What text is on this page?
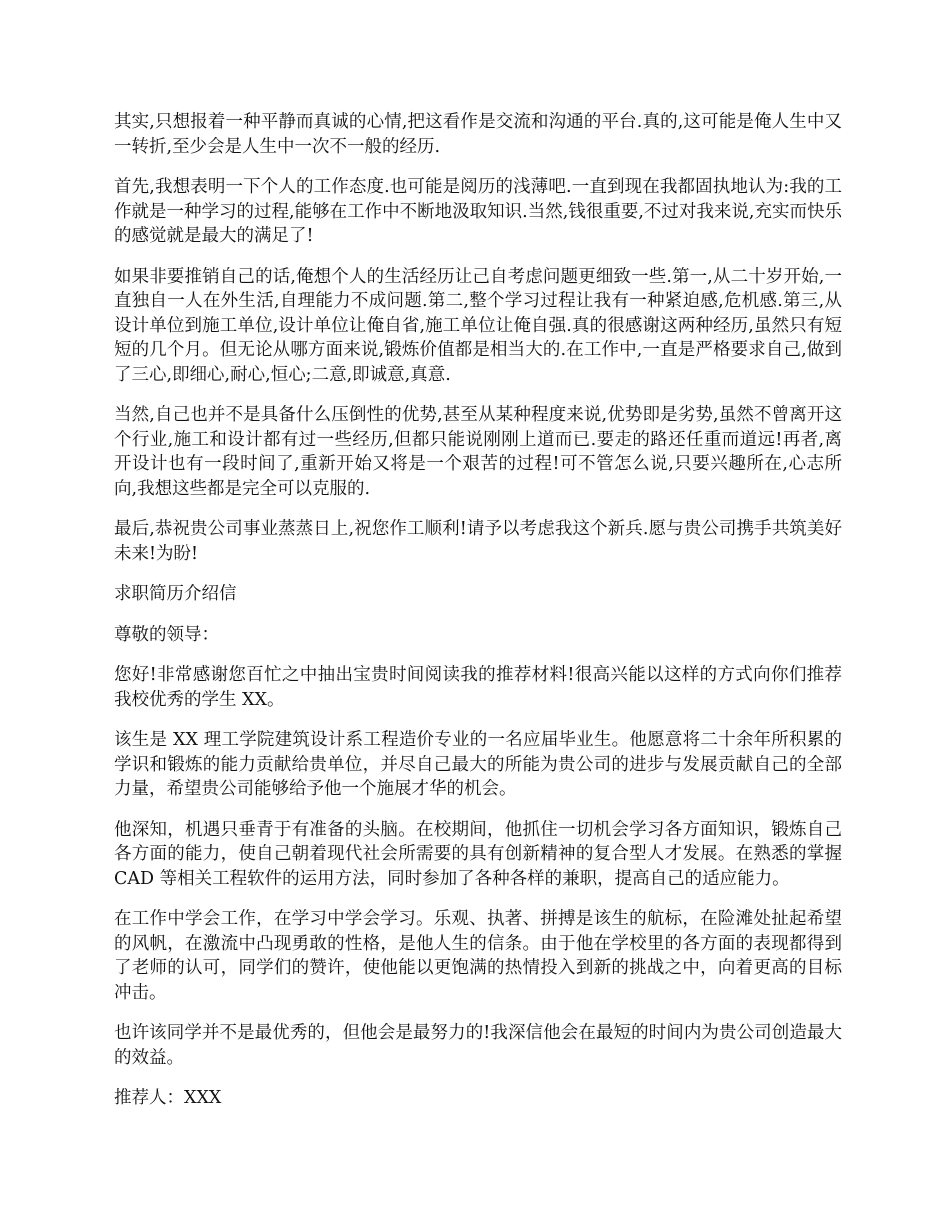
其实,只想报着一种平静而真诚的心情,把这看作是交流和沟通的平台.真的,这可能是俺人生中又一转折,至少会是人生中一次不一般的经历.

首先,我想表明一下个人的工作态度.也可能是阅历的浅薄吧.一直到现在我都固执地认为:我的工作就是一种学习的过程,能够在工作中不断地汲取知识.当然,钱很重要,不过对我来说,充实而快乐的感觉就是最大的满足了!

如果非要推销自己的话,俺想个人的生活经历让己自考虑问题更细致一些.第一,从二十岁开始,一直独自一人在外生活,自理能力不成问题.第二,整个学习过程让我有一种紧迫感,危机感.第三,从设计单位到施工单位,设计单位让俺自省,施工单位让俺自强.真的很感谢这两种经历,虽然只有短短的几个月。但无论从哪方面来说,锻炼价值都是相当大的.在工作中,一直是严格要求自己,做到了三心,即细心,耐心,恒心;二意,即诚意,真意.

当然,自己也并不是具备什么压倒性的优势,甚至从某种程度来说,优势即是劣势,虽然不曾离开这个行业,施工和设计都有过一些经历,但都只能说刚刚上道而已.要走的路还任重而道远!再者,离开设计也有一段时间了,重新开始又将是一个艰苦的过程!可不管怎么说,只要兴趣所在,心志所向,我想这些都是完全可以克服的.

最后,恭祝贵公司事业蒸蒸日上,祝您作工顺利!请予以考虑我这个新兵.愿与贵公司携手共筑美好未来!为盼!

求职简历介绍信

尊敬的领导：

您好!非常感谢您百忙之中抽出宝贵时间阅读我的推荐材料!很高兴能以这样的方式向你们推荐我校优秀的学生 XX。

该生是 XX 理工学院建筑设计系工程造价专业的一名应届毕业生。他愿意将二十余年所积累的学识和锻炼的能力贡献给贵单位，并尽自己最大的所能为贵公司的进步与发展贡献自己的全部力量，希望贵公司能够给予他一个施展才华的机会。

他深知，机遇只垂青于有准备的头脑。在校期间，他抓住一切机会学习各方面知识，锻炼自己各方面的能力，使自己朝着现代社会所需要的具有创新精神的复合型人才发展。在熟悉的掌握 CAD 等相关工程软件的运用方法，同时参加了各种各样的兼职，提高自己的适应能力。

在工作中学会工作，在学习中学会学习。乐观、执著、拼搏是该生的航标，在险滩处扯起希望的风帆，在激流中凸现勇敢的性格，是他人生的信条。由于他在学校里的各方面的表现都得到了老师的认可，同学们的赞许，使他能以更饱满的热情投入到新的挑战之中，向着更高的目标冲击。

也许该同学并不是最优秀的，但他会是最努力的!我深信他会在最短的时间内为贵公司创造最大的效益。

推荐人：XXX
